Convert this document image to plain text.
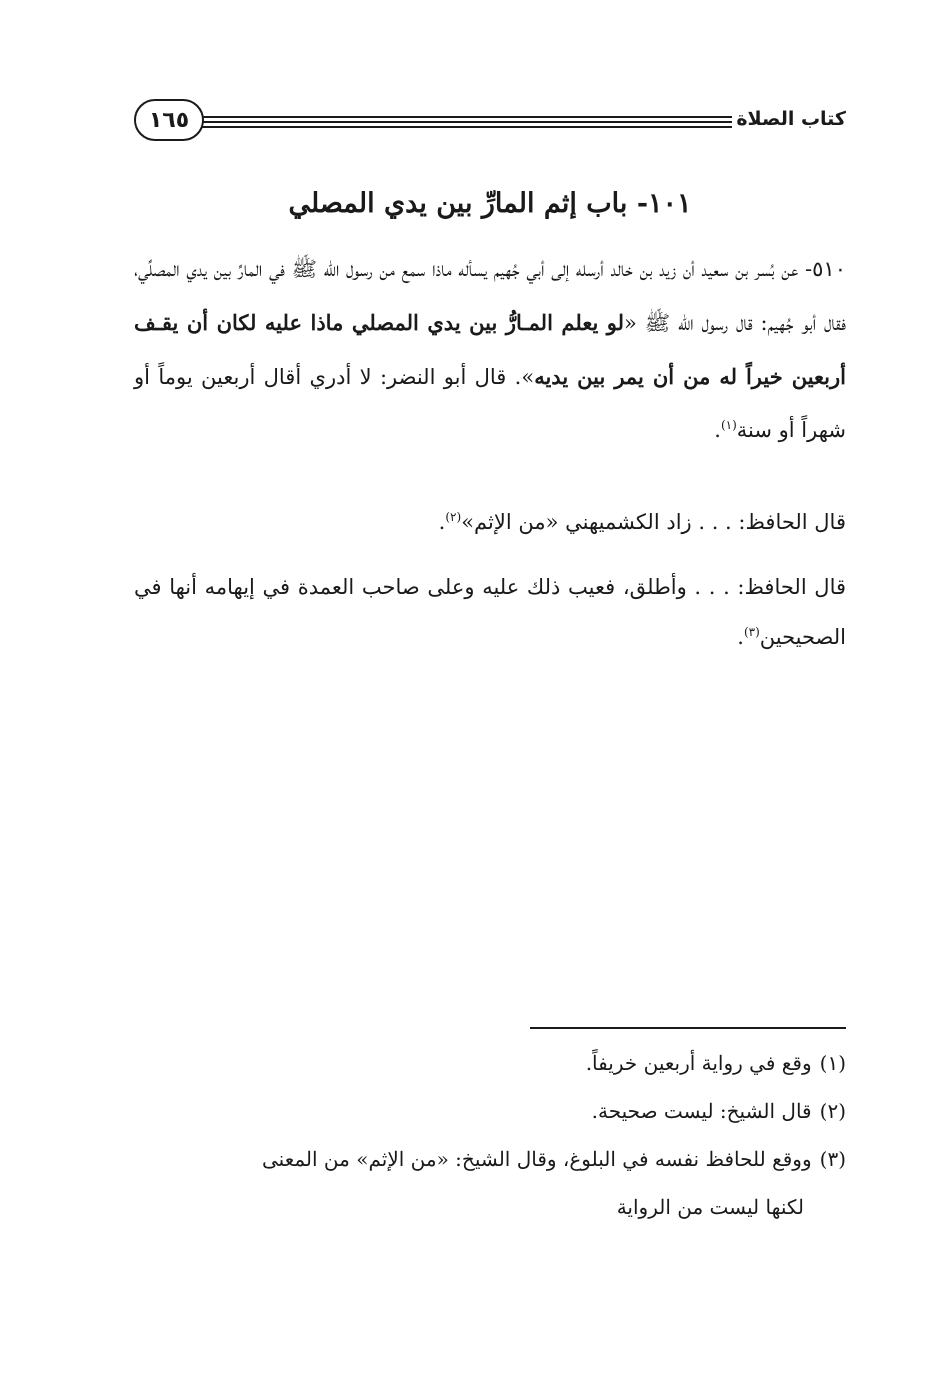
كتاب الصلاة
١٦٥
١٠١- باب إثم المارِّ بين يدي المصلي
٥١٠- عن بُسر بن سعيد أن زيد بن خالد أرسله إلى أبي جُهيم يسأله ماذا سمع من رسول الله ﷺ في المارِّ بين يدي المصلِّي، فقال أبو جُهيم: قال رسول الله ﷺ «لو يعلم المـارُّ بين يدي المصلي ماذا عليه لكان أن يقـف أربعين خيراً له من أن يمر بين يديه». قال أبو النضر: لا أدري أقال أربعين يوماً أو شهراً أو سنة$^{(١)}$.
قال الحافظ: . . . زاد الكشميهني «من الإثم»$^{(٢)}$.
قال الحافظ: . . . وأطلق، فعيب ذلك عليه وعلى صاحب العمدة في إيهامه أنها في الصحيحين$^{(٣)}$.
(١)وقع في رواية أربعين خريفاً.
(٢)قال الشيخ: ليست صحيحة.
(٣)ووقع للحافظ نفسه في البلوغ، وقال الشيخ: «من الإثم» من المعنى
لكنها ليست من الرواية
